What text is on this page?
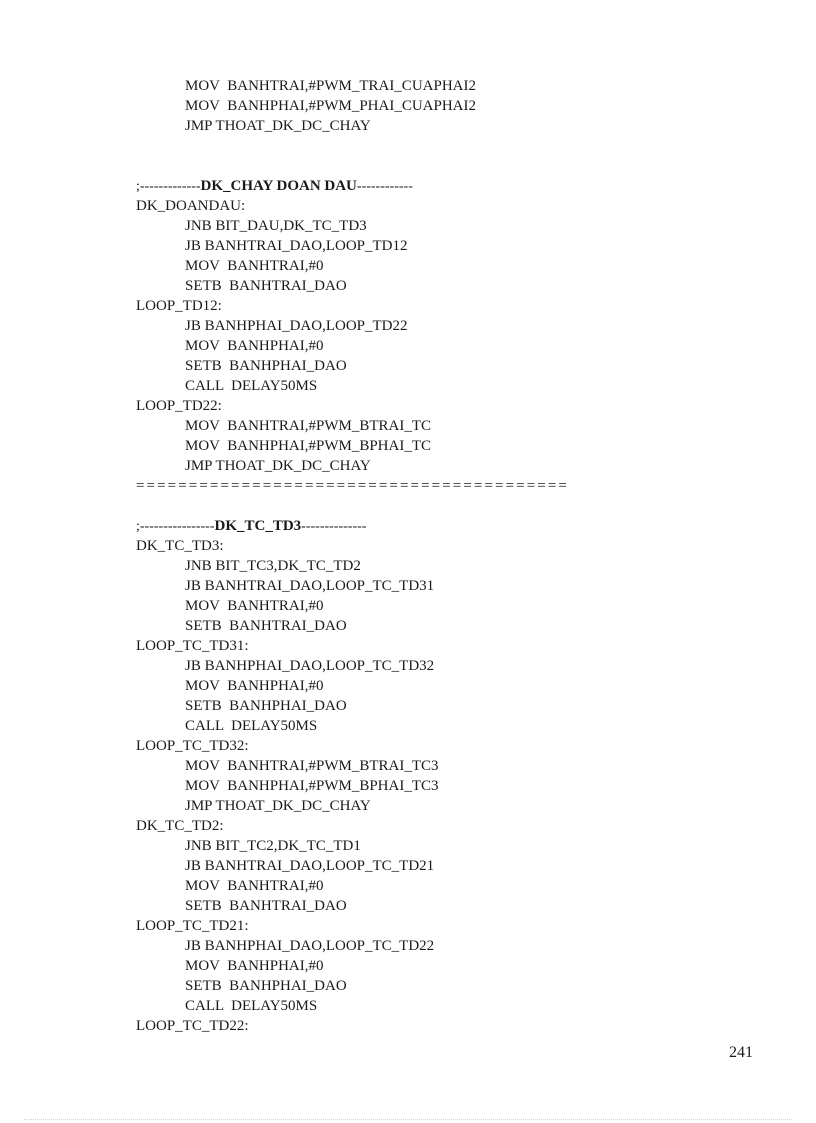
MOV  BANHTRAI,#PWM_TRAI_CUAPHAI2
MOV  BANHPHAI,#PWM_PHAI_CUAPHAI2
JMP THOAT_DK_DC_CHAY
;-------------DK_CHAY DOAN DAU------------
DK_DOANDAU:
JNB BIT_DAU,DK_TC_TD3
JB BANHTRAI_DAO,LOOP_TD12
MOV  BANHTRAI,#0
SETB  BANHTRAI_DAO
LOOP_TD12:
JB BANHPHAI_DAO,LOOP_TD22
MOV  BANHPHAI,#0
SETB  BANHPHAI_DAO
CALL  DELAY50MS
LOOP_TD22:
MOV  BANHTRAI,#PWM_BTRAI_TC
MOV  BANHPHAI,#PWM_BPHAI_TC
JMP THOAT_DK_DC_CHAY
=========================================
;----------------DK_TC_TD3--------------
DK_TC_TD3:
JNB BIT_TC3,DK_TC_TD2
JB BANHTRAI_DAO,LOOP_TC_TD31
MOV  BANHTRAI,#0
SETB  BANHTRAI_DAO
LOOP_TC_TD31:
JB BANHPHAI_DAO,LOOP_TC_TD32
MOV  BANHPHAI,#0
SETB  BANHPHAI_DAO
CALL  DELAY50MS
LOOP_TC_TD32:
MOV  BANHTRAI,#PWM_BTRAI_TC3
MOV  BANHPHAI,#PWM_BPHAI_TC3
JMP THOAT_DK_DC_CHAY
DK_TC_TD2:
JNB BIT_TC2,DK_TC_TD1
JB BANHTRAI_DAO,LOOP_TC_TD21
MOV  BANHTRAI,#0
SETB  BANHTRAI_DAO
LOOP_TC_TD21:
JB BANHPHAI_DAO,LOOP_TC_TD22
MOV  BANHPHAI,#0
SETB  BANHPHAI_DAO
CALL  DELAY50MS
LOOP_TC_TD22:
241
